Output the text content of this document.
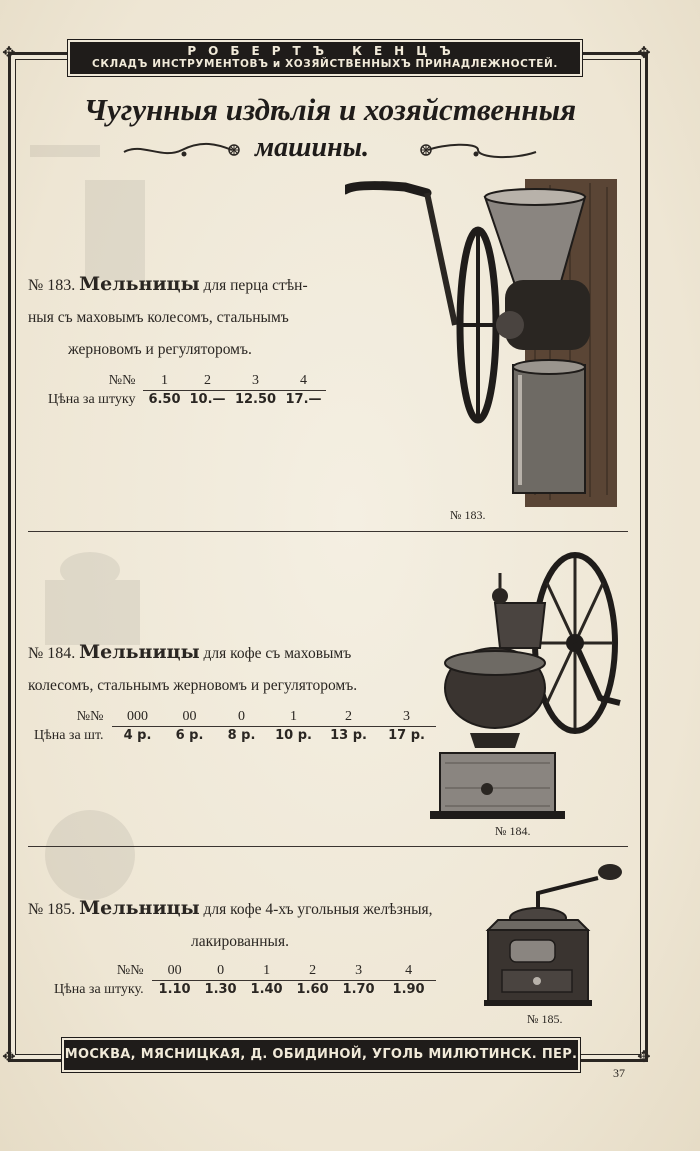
✥	✥
✥	✥
РОБЕРТЪ КЕНЦЪ
СКЛАДЪ ИНСТРУМЕНТОВЪ и ХОЗЯЙСТВЕННЫХЪ ПРИНАДЛЕЖНОСТЕЙ.
Чугунныя издѣлія и хозяйственныя
машины.
№ 183. Мельницы для перца стѣн-
ныя съ маховымъ колесомъ, стальнымъ
жерновомъ и регуляторомъ.
№№	1	2	3	4
Цѣна за штуку	6.50	10.—	12.50	17.—
№ 183.
№ 184. Мельницы для кофе съ маховымъ
колесомъ, стальнымъ жерновомъ и регуляторомъ.
№№	000	00	0	1	2	3
Цѣна за шт.	4 р.	6 р.	8 р.	10 р.	13 р.	17 р.
№ 184.
№ 185. Мельницы для кофе 4-хъ угольныя желѣзныя,
лакированныя.
№№	00	0	1	2	3	4
Цѣна за штуку.	1.10	1.30	1.40	1.60	1.70	1.90
№ 185.
МОСКВА, МЯСНИЦКАЯ, Д. ОБИДИНОЙ, УГОЛЬ МИЛЮТИНСК. ПЕР.
37
